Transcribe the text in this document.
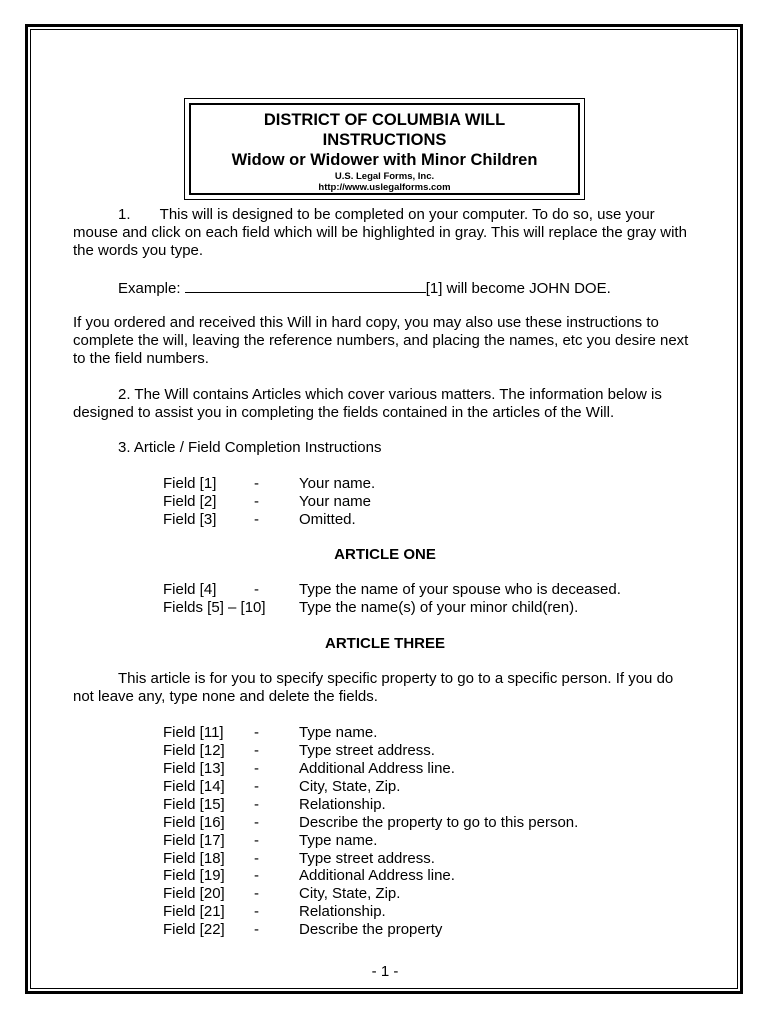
DISTRICT OF COLUMBIA WILL
INSTRUCTIONS
Widow or Widower with Minor Children
U.S. Legal Forms, Inc.
http://www.uslegalforms.com
1.       This will is designed to be completed on your computer. To do so, use your
mouse and click on each field which will be highlighted in gray. This will replace the gray with
the words you type.
Example:	[1] will become JOHN DOE.
If you ordered and received this Will in hard copy, you may also use these instructions to
complete the will, leaving the reference numbers, and placing the names, etc you desire next
to the field numbers.
2. The Will contains Articles which cover various matters. The information below is
designed to assist you in completing the fields contained in the articles of the Will.
3. Article / Field Completion Instructions
Field [1]	-	Your name.
Field [2]	-	Your name
Field [3]	-	Omitted.
ARTICLE ONE
Field [4]	-	Type the name of your spouse who is deceased.
Fields [5] – [10] Type the name(s) of your minor child(ren).
ARTICLE THREE
This article is for you to specify specific property to go to a specific person. If you do
not leave any, type none and delete the fields.
Field [11] -	Type name.
Field [12] -	Type street address.
Field [13] -	Additional Address line.
Field [14] -	City, State, Zip.
Field [15] -	Relationship.
Field [16] -	Describe the property to go to this person.
Field [17] -	Type name.
Field [18] -	Type street address.
Field [19] -	Additional Address line.
Field [20] -	City, State, Zip.
Field [21] -	Relationship.
Field [22] -	Describe the property
- 1 -
